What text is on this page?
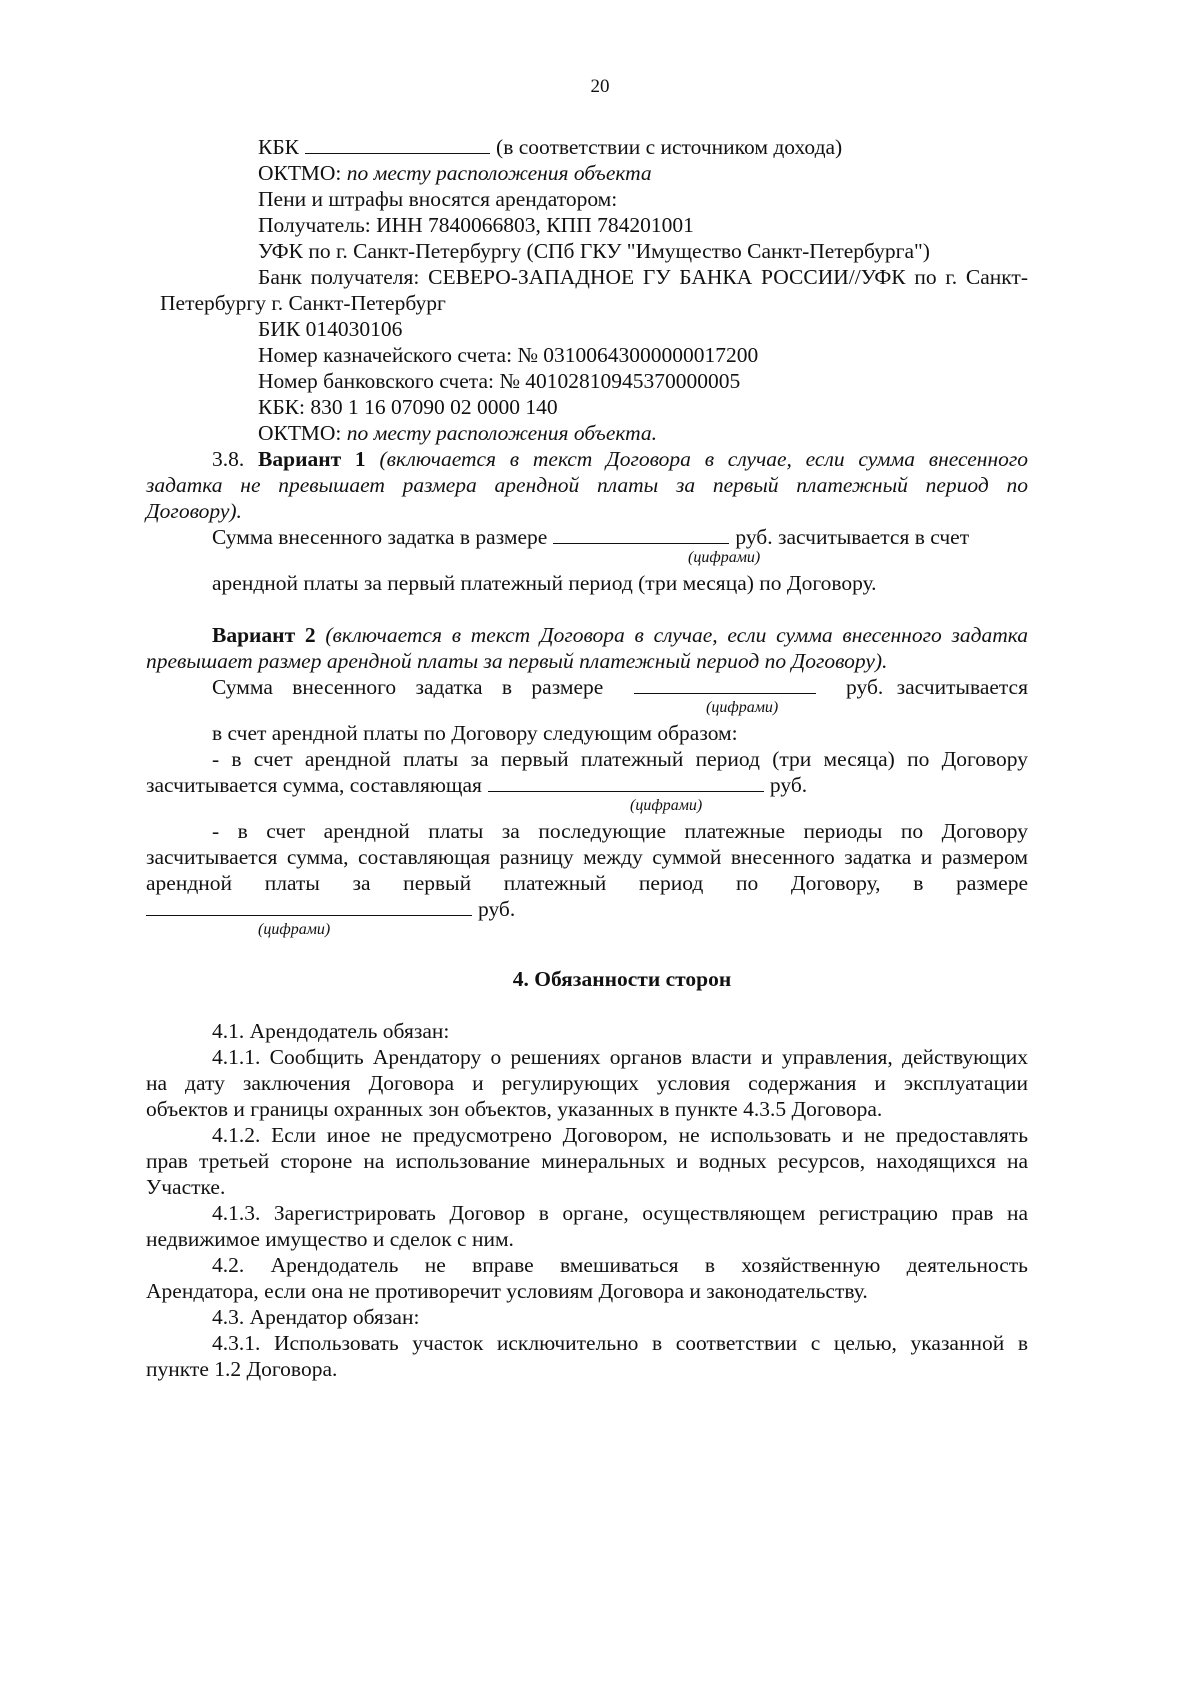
20
КБК	(в соответствии с источником дохода)
ОКТМО: по месту расположения объекта
Пени и штрафы вносятся арендатором:
Получатель: ИНН 7840066803, КПП 784201001
УФК по г. Санкт-Петербургу (СПб ГКУ "Имущество Санкт-Петербурга")
Банк получателя: СЕВЕРО-ЗАПАДНОЕ ГУ БАНКА РОССИИ//УФК по г. Санкт-
Петербургу г. Санкт-Петербург
БИК 014030106
Номер казначейского счета: № 03100643000000017200
Номер банковского счета: № 40102810945370000005
КБК: 830 1 16 07090 02 0000 140
ОКТМО: по месту расположения объекта.
3.8. Вариант 1 (включается в текст Договора в случае, если сумма внесенного
задатка не превышает размера арендной платы за первый платежный период по
Договору).
Сумма внесенного задатка в размере	руб. засчитывается в счет
(цифрами)
арендной платы за первый платежный период (три месяца) по Договору.
Вариант 2 (включается в текст Договора в случае, если сумма внесенного задатка
превышает размер арендной платы за первый платежный период по Договору).
Сумма внесенного задатка в размере	руб. засчитывается
(цифрами)
в счет арендной платы по Договору следующим образом:
- в счет арендной платы за первый платежный период (три месяца) по Договору
засчитывается сумма, составляющая	руб.
(цифрами)
- в счет арендной платы за последующие платежные периоды по Договору
засчитывается сумма, составляющая разницу между суммой внесенного задатка и размером
арендной платы за первый платежный период по Договору, в размере
руб.
(цифрами)
4. Обязанности сторон
4.1. Арендодатель обязан:
4.1.1. Сообщить Арендатору о решениях органов власти и управления, действующих
на дату заключения Договора и регулирующих условия содержания и эксплуатации
объектов и границы охранных зон объектов, указанных в пункте 4.3.5 Договора.
4.1.2. Если иное не предусмотрено Договором, не использовать и не предоставлять
прав третьей стороне на использование минеральных и водных ресурсов, находящихся на
Участке.
4.1.3. Зарегистрировать Договор в органе, осуществляющем регистрацию прав на
недвижимое имущество и сделок с ним.
4.2. Арендодатель не вправе вмешиваться в хозяйственную деятельность
Арендатора, если она не противоречит условиям Договора и законодательству.
4.3. Арендатор обязан:
4.3.1. Использовать участок исключительно в соответствии с целью, указанной в
пункте 1.2 Договора.
